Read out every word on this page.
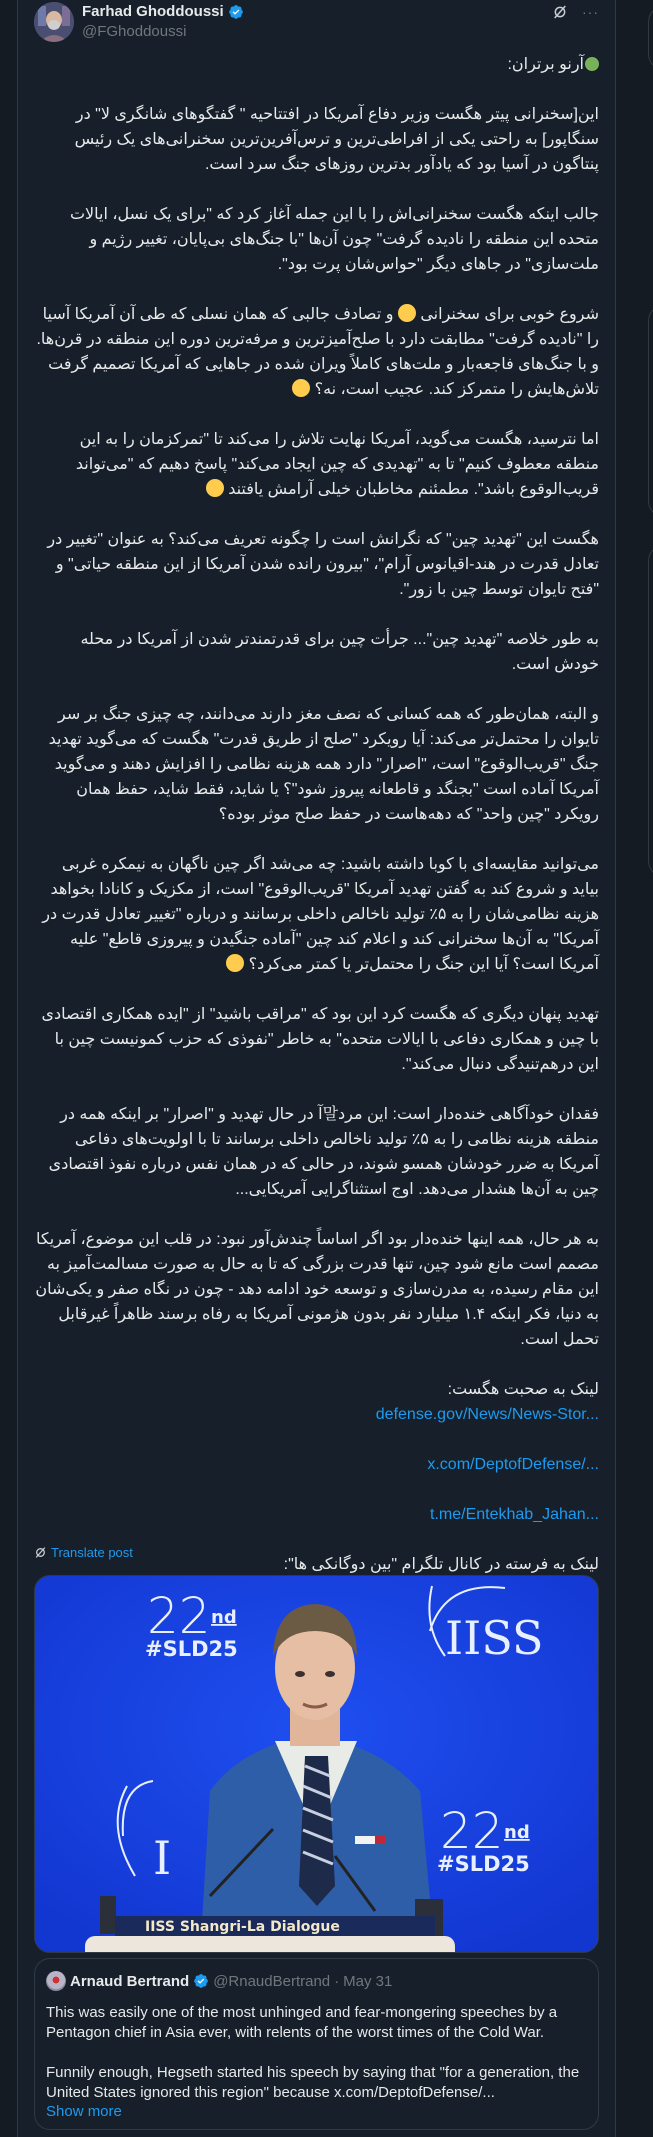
Farhad Ghoddoussi
@FGhoddoussi
···

آرنو برتران:

این[سخنرانی پیتر هگست وزیر دفاع آمریکا در افتتاحیه " گفتگوهای شانگری لا" در سنگاپور] به راحتی یکی از افراطی‌ترین و ترس‌آفرین‌ترین سخنرانی‌های یک رئیس پنتاگون در آسیا بود که یادآور بدترین روزهای جنگ سرد است.

جالب اینکه هگست سخنرانی‌اش را با این جمله آغاز کرد که "برای یک نسل، ایالات متحده این منطقه را نادیده گرفت" چون آن‌ها "با جنگ‌های بی‌پایان، تغییر رژیم و ملت‌سازی" در جاهای دیگر "حواس‌شان پرت بود".

شروع خوبی برای سخنرانی  و تصادف جالبی که همان نسلی که طی آن آمریکا آسیا را "نادیده گرفت" مطابقت دارد با صلح‌آمیزترین و مرفه‌ترین دوره این منطقه در قرن‌ها. و با جنگ‌های فاجعه‌بار و ملت‌های کاملاً ویران شده در جاهایی که آمریکا تصمیم گرفت تلاش‌هایش را متمرکز کند. عجیب است، نه؟

اما نترسید، هگست می‌گوید، آمریکا نهایت تلاش را می‌کند تا "تمرکزمان را به این منطقه معطوف کنیم" تا به "تهدیدی که چین ایجاد می‌کند" پاسخ دهیم که "می‌تواند قریب‌الوقوع باشد". مطمئنم مخاطبان خیلی آرامش یافتند

هگست این "تهدید چین" که نگرانش است را چگونه تعریف می‌کند؟ به عنوان "تغییر در تعادل قدرت در هند-اقیانوس آرام"، "بیرون رانده شدن آمریکا از این منطقه حیاتی" و "فتح تایوان توسط چین با زور".

به طور خلاصه "تهدید چین"... جرأت چین برای قدرتمندتر شدن از آمریکا در محله خودش است.

و البته، همان‌طور که همه کسانی که نصف مغز دارند می‌دانند، چه چیزی جنگ بر سر تایوان را محتمل‌تر می‌کند: آیا رویکرد "صلح از طریق قدرت" هگست که می‌گوید تهدید جنگ "قریب‌الوقوع" است، "اصرار" دارد همه هزینه نظامی را افزایش دهند و می‌گوید آمریکا آماده است "بجنگد و قاطعانه پیروز شود"؟ یا شاید، فقط شاید، حفظ همان رویکرد "چین واحد" که دهه‌هاست در حفظ صلح موثر بوده؟

می‌توانید مقایسه‌ای با کوبا داشته باشید: چه می‌شد اگر چین ناگهان به نیمکره غربی بیاید و شروع کند به گفتن تهدید آمریکا "قریب‌الوقوع" است، از مکزیک و کانادا بخواهد هزینه نظامی‌شان را به ۵٪ تولید ناخالص داخلی برسانند و درباره "تغییر تعادل قدرت در آمریکا" به آن‌ها سخنرانی کند و اعلام کند چین "آماده جنگیدن و پیروزی قاطع" علیه آمریکا است؟ آیا این جنگ را محتمل‌تر یا کمتر می‌کرد؟

تهدید پنهان دیگری که هگست کرد این بود که "مراقب باشید" از "ایده همکاری اقتصادی با چین و همکاری دفاعی با ایالات متحده" به خاطر "نفوذی که حزب کمونیست چین با این درهم‌تنیدگی دنبال می‌کند".

فقدان خودآگاهی خنده‌دار است: این مرد말آ در حال تهدید و "اصرار" بر اینکه همه در منطقه هزینه نظامی را به ۵٪ تولید ناخالص داخلی برسانند تا با اولویت‌های دفاعی آمریکا به ضرر خودشان همسو شوند، در حالی که در همان نفس درباره نفوذ اقتصادی چین به آن‌ها هشدار می‌دهد. اوج استثناگرایی آمریکایی...

به هر حال، همه اینها خنده‌دار بود اگر اساساً چندش‌آور نبود: در قلب این موضوع، آمریکا مصمم است مانع شود چین، تنها قدرت بزرگی که تا به حال به صورت مسالمت‌آمیز به این مقام رسیده، به مدرن‌سازی و توسعه خود ادامه دهد - چون در نگاه صفر و یکی‌شان به دنیا، فکر اینکه ۱.۴ میلیارد نفر بدون هژمونی آمریکا به رفاه برسند ظاهراً غیرقابل تحمل است.

لینک به صحبت هگست:
defense.gov/News/News-Stor...
x.com/DeptofDefense/...
t.me/Entekhab_Jahan...
لینک به فرسته در کانال تلگرام "بین دوگانکی ها":
Translate post
22 nd
#SLD25	IISS
I	22 nd
#SLD25
IISS Shangri-La Dialogue
Arnaud Bertrand @RnaudBertrand · May 31

This was easily one of the most unhinged and fear-mongering speeches by a Pentagon chief in Asia ever, with relents of the worst times of the Cold War.

Funnily enough, Hegseth started his speech by saying that "for a generation, the United States ignored this region" because x.com/DeptofDefense/...

Show more
